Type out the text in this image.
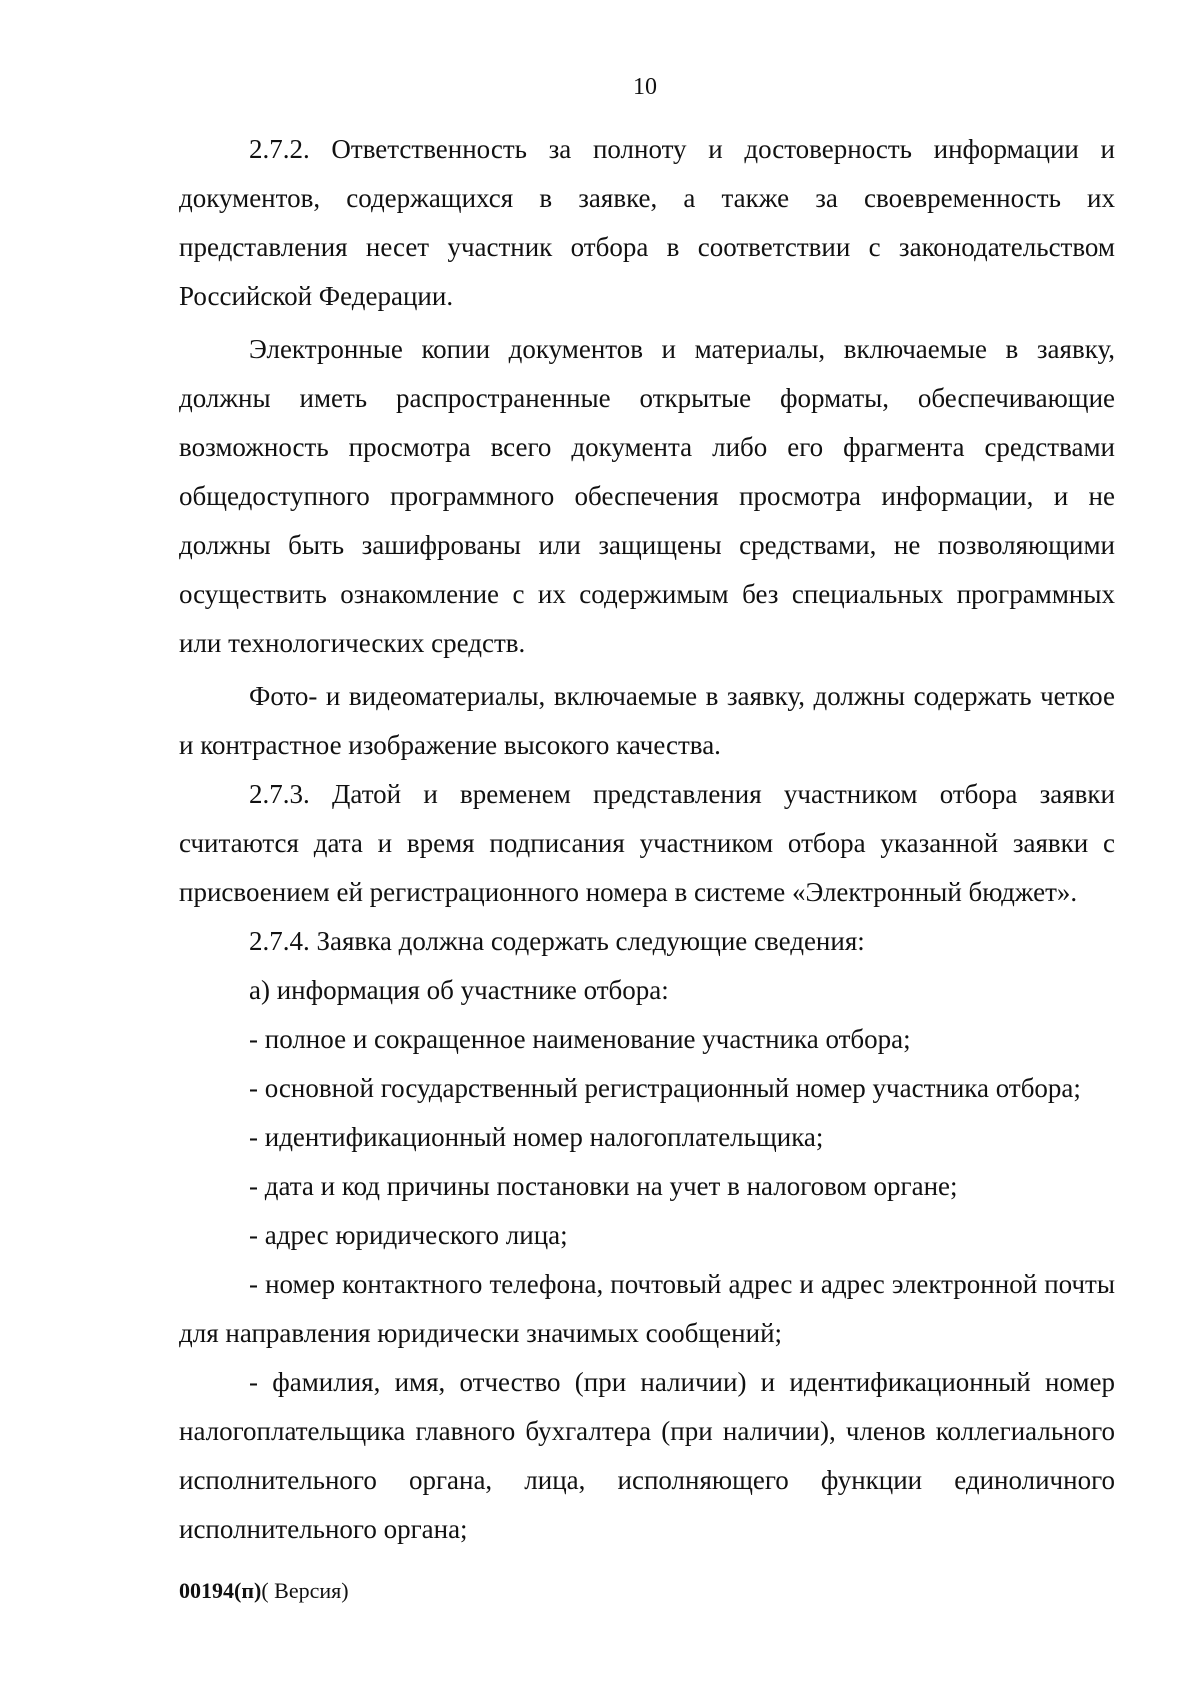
10

2.7.2. Ответственность за полноту и достоверность информации и документов, содержащихся в заявке, а также за своевременность их представления несет участник отбора в соответствии с законодательством Российской Федерации.

Электронные копии документов и материалы, включаемые в заявку, должны иметь распространенные открытые форматы, обеспечивающие возможность просмотра всего документа либо его фрагмента средствами общедоступного программного обеспечения просмотра информации, и не должны быть зашифрованы или защищены средствами, не позволяющими осуществить ознакомление с их содержимым без специальных программных или технологических средств.

Фото- и видеоматериалы, включаемые в заявку, должны содержать четкое и контрастное изображение высокого качества.

2.7.3. Датой и временем представления участником отбора заявки считаются дата и время подписания участником отбора указанной заявки с присвоением ей регистрационного номера в системе «Электронный бюджет».

2.7.4. Заявка должна содержать следующие сведения:

а) информация об участнике отбора:

- полное и сокращенное наименование участника отбора;

- основной государственный регистрационный номер участника отбора;

- идентификационный номер налогоплательщика;

- дата и код причины постановки на учет в налоговом органе;

- адрес юридического лица;

- номер контактного телефона, почтовый адрес и адрес электронной почты для направления юридически значимых сообщений;

- фамилия, имя, отчество (при наличии) и идентификационный номер налогоплательщика главного бухгалтера (при наличии), членов коллегиального исполнительного органа, лица, исполняющего функции единоличного исполнительного органа;

00194(п)( Версия)
